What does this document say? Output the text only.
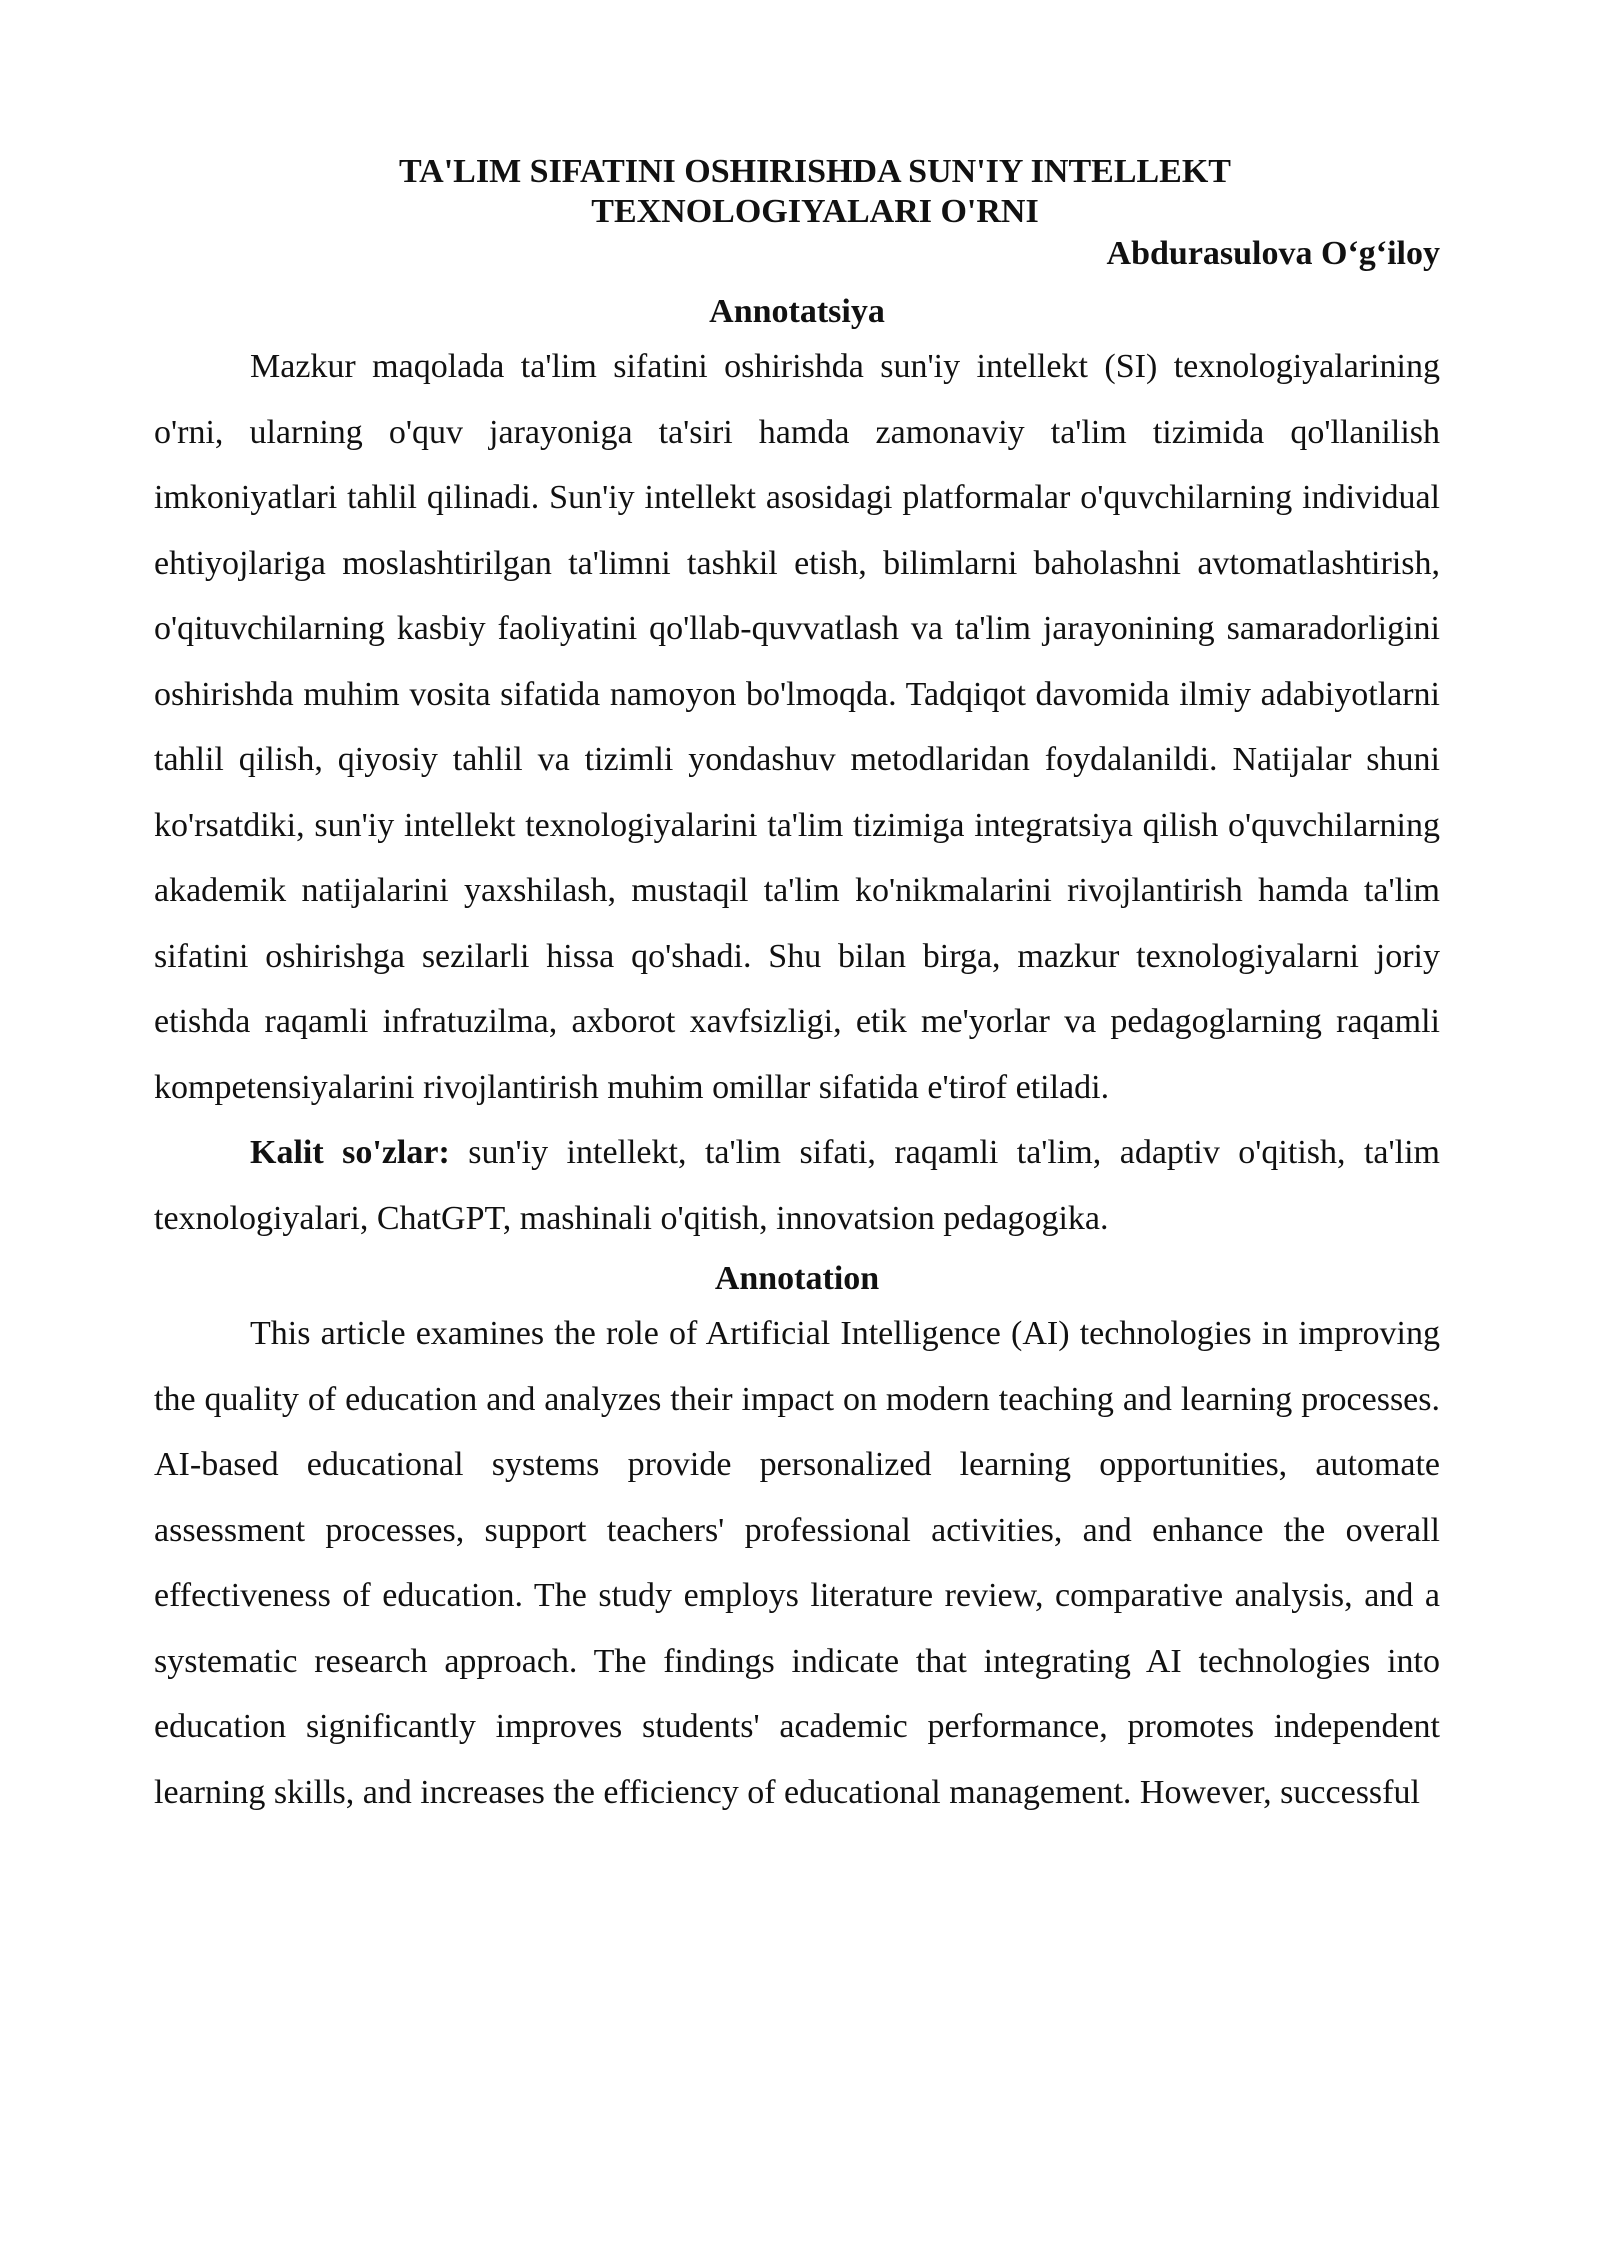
TA'LIM SIFATINI OSHIRISHDA SUN'IY INTELLEKT
TEXNOLOGIYALARI O'RNI

Abdurasulova O‘g‘iloy

Annotatsiya

Mazkur maqolada ta'lim sifatini oshirishda sun'iy intellekt (SI) texnologiyalarining o'rni, ularning o'quv jarayoniga ta'siri hamda zamonaviy ta'lim tizimida qo'llanilish imkoniyatlari tahlil qilinadi. Sun'iy intellekt asosidagi platformalar o'quvchilarning individual ehtiyojlariga moslashtirilgan ta'limni tashkil etish, bilimlarni baholashni avtomatlashtirish, o'qituvchilarning kasbiy faoliyatini qo'llab-quvvatlash va ta'lim jarayonining samaradorligini oshirishda muhim vosita sifatida namoyon bo'lmoqda. Tadqiqot davomida ilmiy adabiyotlarni tahlil qilish, qiyosiy tahlil va tizimli yondashuv metodlaridan foydalanildi. Natijalar shuni ko'rsatdiki, sun'iy intellekt texnologiyalarini ta'lim tizimiga integratsiya qilish o'quvchilarning akademik natijalarini yaxshilash, mustaqil ta'lim ko'nikmalarini rivojlantirish hamda ta'lim sifatini oshirishga sezilarli hissa qo'shadi. Shu bilan birga, mazkur texnologiyalarni joriy etishda raqamli infratuzilma, axborot xavfsizligi, etik me'yorlar va pedagoglarning raqamli kompetensiyalarini rivojlantirish muhim omillar sifatida e'tirof etiladi.

Kalit so'zlar: sun'iy intellekt, ta'lim sifati, raqamli ta'lim, adaptiv o'qitish, ta'lim texnologiyalari, ChatGPT, mashinali o'qitish, innovatsion pedagogika.

Annotation

This article examines the role of Artificial Intelligence (AI) technologies in improving the quality of education and analyzes their impact on modern teaching and learning processes. AI-based educational systems provide personalized learning opportunities, automate assessment processes, support teachers' professional activities, and enhance the overall effectiveness of education. The study employs literature review, comparative analysis, and a systematic research approach. The findings indicate that integrating AI technologies into education significantly improves students' academic performance, promotes independent learning skills, and increases the efficiency of educational management. However, successful
